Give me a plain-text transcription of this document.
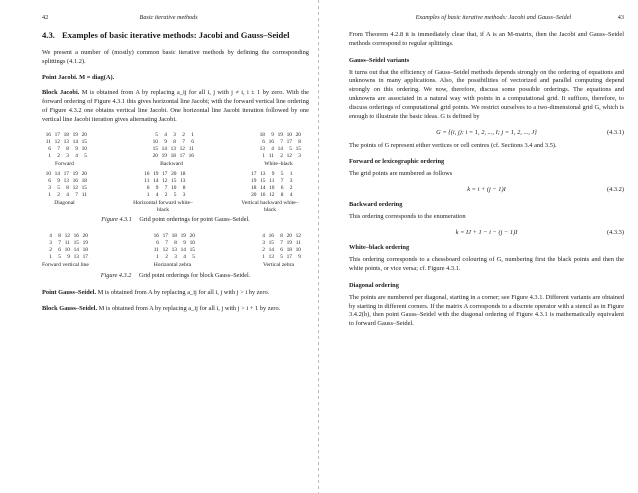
42	Basic iterative methods
4.3. Examples of basic iterative methods: Jacobi and Gauss–Seidel

We present a number of (mostly) common basic iterative methods by defining the corresponding splittings (4.1.2).

Point Jacobi. M = diag(A).

Block Jacobi. M is obtained from A by replacing a_ij for all i, j with j ≠ i, i ± 1 by zero. With the forward ordering of Figure 4.3.1 this gives horizontal line Jacobi; with the forward vertical line ordering of Figure 4.3.2 one obtains vertical line Jacobi. One horizontal line Jacobi iteration followed by one vertical line Jacobi iteration gives alternating Jacobi.

16 17 18 19 20
11 12 13 14 15
6 7 8 9 10
1 2 3 4 5
Forward
5 4 3 2 1
10 9 8 7 6
15 14 13 12 11
20 19 18 17 16
Backward
18 9 19 10 20
6 16 7 17 8
13 4 14 5 15
1 11 2 12 3
White–black
10 14 17 19 20
6 9 13 16 18
3 5 8 12 15
1 2 4 7 11
Diagonal
16 19 17 20 18
11 14 12 15 13
6 9 7 10 8
1 4 2 5 3
Horizontal forward white–black
17 13 9 5 1
19 15 11 7 3
18 14 10 6 2
20 16 12 8 4
Vertical backward white–black
Figure 4.3.1 Grid point orderings for point Gauss–Seidel.
4 8 12 16 20
3 7 11 15 19
2 6 10 14 18
1 5 9 13 17
Forward vertical line
16 17 18 19 20
6 7 8 9 10
11 12 13 14 15
1 2 3 4 5
Horizontal zebra
4 16 8 20 12
3 15 7 19 11
2 14 6 18 10
1 13 5 17 9
Vertical zebra
Figure 4.3.2 Grid point orderings for block Gauss–Seidel.

Point Gauss–Seidel. M is obtained from A by replacing a_ij for all i, j with j > i by zero.

Block Gauss–Seidel. M is obtained from A by replacing a_ij for all i, j with j > i + 1 by zero.

Examples of basic iterative methods: Jacobi and Gauss–Seidel	43

From Theorem 4.2.8 it is immediately clear that, if A is an M-matrix, then the Jacobi and Gauss–Seidel methods correspond to regular splittings.

Gauss–Seidel variants

It turns out that the efficiency of Gauss–Seidel methods depends strongly on the ordering of equations and unknowns in many applications. Also, the possibilities of vectorized and parallel computing depend strongly on this ordering. We now, therefore, discuss some possible orderings. The equations and unknowns are associated in a natural way with points in a computational grid. It suffices, therefore, to discuss orderings of computational grid points. We restrict ourselves to a two-dimensional grid G, which is enough to illustrate the basic ideas. G is defined by

G = {(i, j): i = 1, 2, ..., I; j = 1, 2, ..., J}	(4.3.1)

The points of G represent either vertices or cell centres (cf. Sections 3.4 and 3.5).

Forward or lexicographic ordering

The grid points are numbered as follows

k = i + (j − 1)I	(4.3.2)
Backward ordering

This ordering corresponds to the enumeration

k = IJ + 1 − i − (j − 1)I	(4.3.3)
White–black ordering

This ordering corresponds to a chessboard colouring of G, numbering first the black points and then the white points, or vice versa; cf. Figure 4.3.1.

Diagonal ordering

The points are numbered per diagonal, starting in a corner; see Figure 4.3.1. Different variants are obtained by starting in different corners. If the matrix A corresponds to a discrete operator with a stencil as in Figure 3.4.2(b), then point Gauss–Seidel with the diagonal ordering of Figure 4.3.1 is mathematically equivalent to forward Gauss–Seidel.
